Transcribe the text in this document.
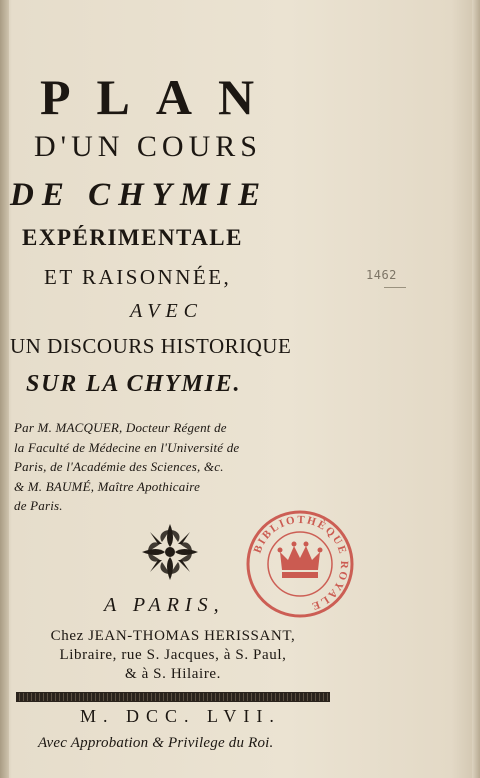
PLAN
D'UN COURS
DE CHYMIE
EXPÉRIMENTALE
ET RAISONNÉE,
AVEC
UN DISCOURS HISTORIQUE
SUR LA CHYMIE.
1462
Par M. MACQUER, Docteur Régent de
la Faculté de Médecine en l'Université de
Paris, de l'Académie des Sciences, &c.
& M. BAUMÉ, Maître Apothicaire
de Paris.
BIBLIOTHÈQUE ROYALE
A PARIS,
Chez JEAN-THOMAS HERISSANT,
Libraire, rue S. Jacques, à S. Paul,
& à S. Hilaire.
M. DCC. LVII.
Avec Approbation & Privilege du Roi.
